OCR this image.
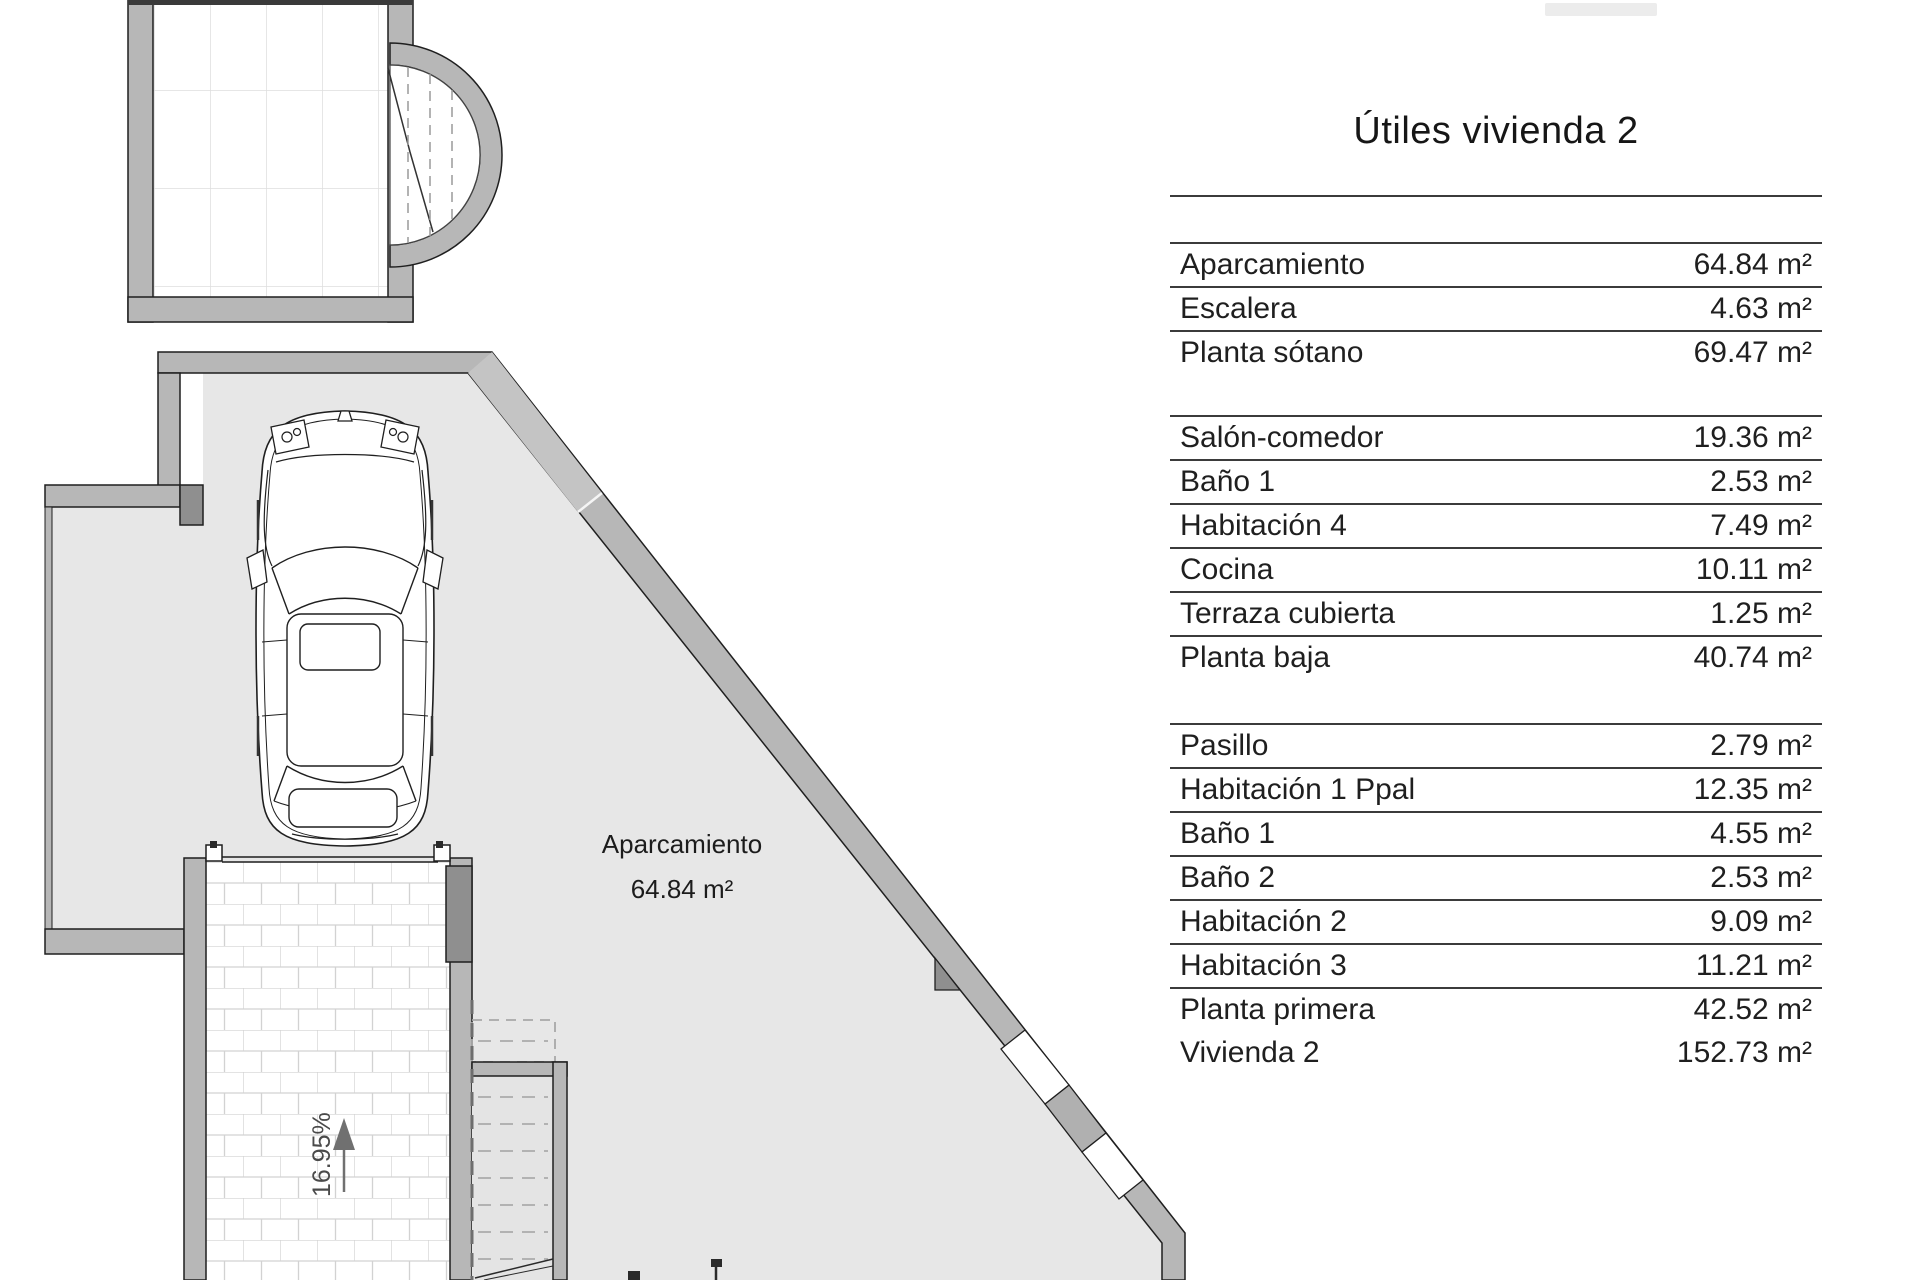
16.95%
Aparcamiento
64.84 m²
Útiles vivienda 2
Aparcamiento	64.84 m²
Escalera	4.63 m²
Planta sótano	69.47 m²
Salón-comedor	19.36 m²
Baño 1	2.53 m²
Habitación 4	7.49 m²
Cocina	10.11 m²
Terraza cubierta	1.25 m²
Planta baja	40.74 m²
Pasillo	2.79 m²
Habitación 1 Ppal	12.35 m²
Baño 1	4.55 m²
Baño 2	2.53 m²
Habitación 2	9.09 m²
Habitación 3	11.21 m²
Planta primera	42.52 m²
Vivienda 2	152.73 m²
